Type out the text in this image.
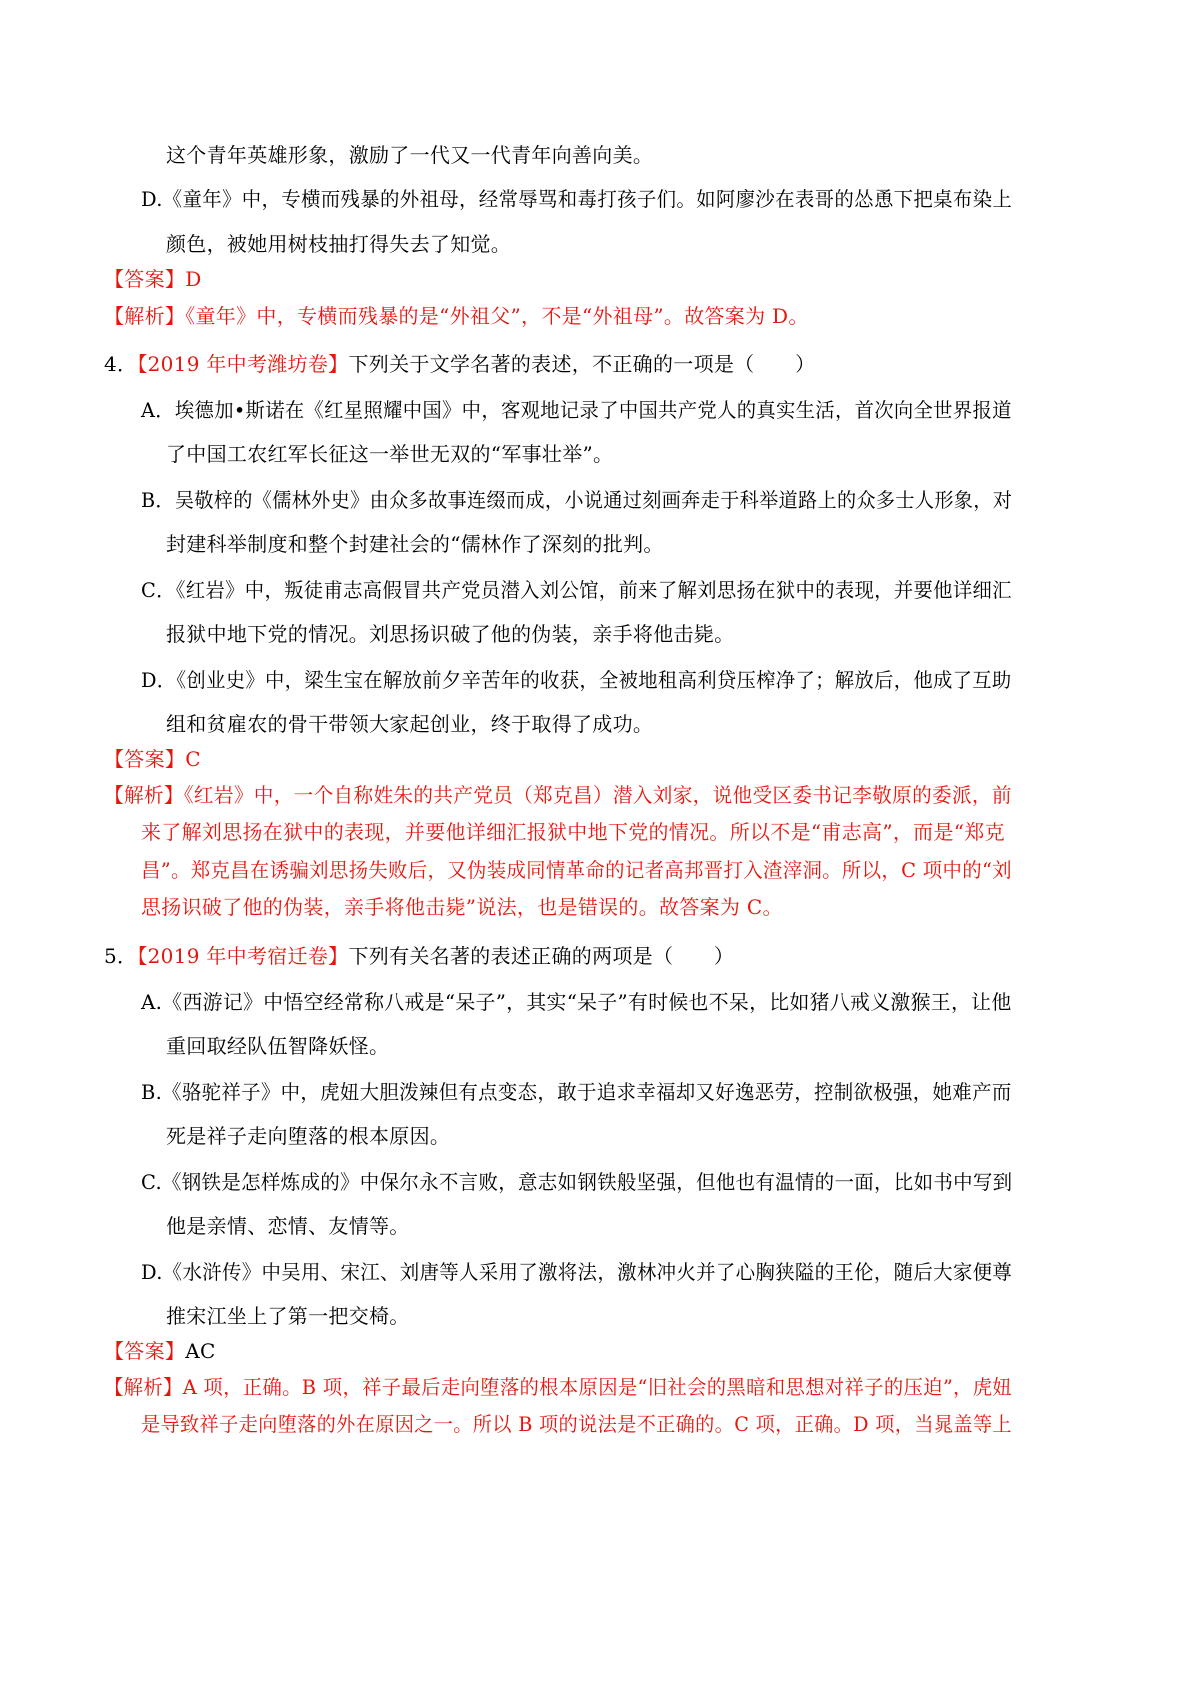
这个青年英雄形象，激励了一代又一代青年向善向美。
D.《童年》中，专横而残暴的外祖母，经常辱骂和毒打孩子们。如阿廖沙在表哥的怂恿下把桌布染上
颜色，被她用树枝抽打得失去了知觉。
【答案】D
【解析】《童年》中，专横而残暴的是“外祖父”，不是“外祖母”。故答案为 D。
4．【2019 年中考潍坊卷】下列关于文学名著的表述，不正确的一项是（　　）
A．埃德加•斯诺在《红星照耀中国》中，客观地记录了中国共产党人的真实生活，首次向全世界报道
了中国工农红军长征这一举世无双的“军事壮举”。
B．吴敬梓的《儒林外史》由众多故事连缀而成，小说通过刻画奔走于科举道路上的众多士人形象，对
封建科举制度和整个封建社会的“儒林作了深刻的批判。
C．《红岩》中，叛徒甫志高假冒共产党员潜入刘公馆，前来了解刘思扬在狱中的表现，并要他详细汇
报狱中地下党的情况。刘思扬识破了他的伪装，亲手将他击毙。
D．《创业史》中，梁生宝在解放前夕辛苦年的收获，全被地租高利贷压榨净了；解放后，他成了互助
组和贫雇农的骨干带领大家起创业，终于取得了成功。
【答案】C
【解析】《红岩》中，一个自称姓朱的共产党员（郑克昌）潜入刘家，说他受区委书记李敬原的委派，前
来了解刘思扬在狱中的表现，并要他详细汇报狱中地下党的情况。所以不是“甫志高”，而是“郑克
昌”。郑克昌在诱骗刘思扬失败后，又伪装成同情革命的记者高邦晋打入渣滓洞。所以，C 项中的“刘
思扬识破了他的伪装，亲手将他击毙”说法，也是错误的。故答案为 C。
5．【2019 年中考宿迁卷】下列有关名著的表述正确的两项是（　　）
A.《西游记》中悟空经常称八戒是“呆子”，其实“呆子”有时候也不呆，比如猪八戒义激猴王，让他
重回取经队伍智降妖怪。
B.《骆驼祥子》中，虎妞大胆泼辣但有点变态，敢于追求幸福却又好逸恶劳，控制欲极强，她难产而
死是祥子走向堕落的根本原因。
C.《钢铁是怎样炼成的》中保尔永不言败，意志如钢铁般坚强，但他也有温情的一面，比如书中写到
他是亲情、恋情、友情等。
D.《水浒传》中吴用、宋江、刘唐等人采用了激将法，激林冲火并了心胸狭隘的王伦，随后大家便尊
推宋江坐上了第一把交椅。
【答案】AC
【解析】A 项，正确。B 项，祥子最后走向堕落的根本原因是“旧社会的黑暗和思想对祥子的压迫”，虎妞
是导致祥子走向堕落的外在原因之一。所以 B 项的说法是不正确的。C 项，正确。D 项，当晁盖等上
